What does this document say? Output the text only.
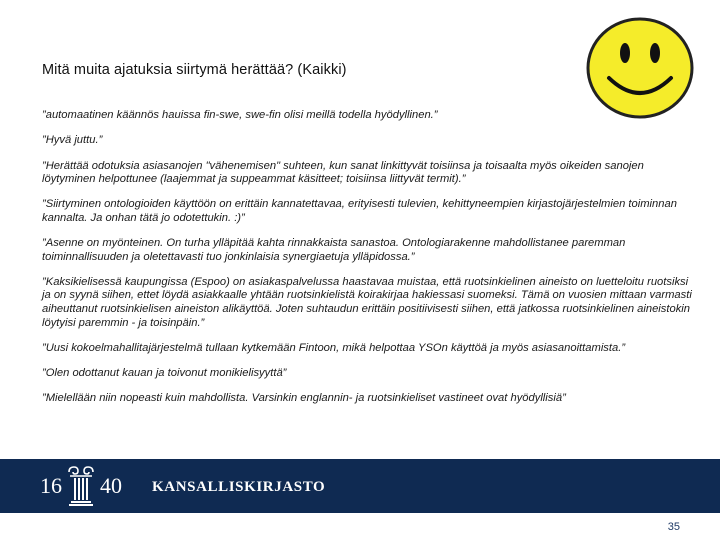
Mitä muita ajatuksia siirtymä herättää? (Kaikki)

”automaatinen käännös hauissa fin-swe, swe-fin olisi meillä todella hyödyllinen.”

”Hyvä juttu.”

”Herättää odotuksia asiasanojen "vähenemisen" suhteen, kun sanat linkittyvät toisiinsa ja toisaalta myös oikeiden sanojen löytyminen helpottunee (laajemmat ja suppeammat käsitteet; toisiinsa liittyvät termit).”

”Siirtyminen ontologioiden käyttöön on erittäin kannatettavaa, erityisesti tulevien, kehittyneempien kirjastojärjestelmien toiminnan kannalta. Ja onhan tätä jo odotettukin. :)”

”Asenne on myönteinen. On turha ylläpitää kahta rinnakkaista sanastoa. Ontologiarakenne mahdollistanee paremman toiminnallisuuden ja oletettavasti tuo jonkinlaisia synergiaetuja ylläpidossa.”

”Kaksikielisessä kaupungissa (Espoo) on asiakaspalvelussa haastavaa muistaa, että ruotsinkielinen aineisto on luetteloitu ruotsiksi ja on syynä siihen, ettet löydä asiakkaalle yhtään ruotsinkielistä koirakirjaa hakiessasi suomeksi. Tämä on vuosien mittaan varmasti aiheuttanut ruotsinkielisen aineiston alikäyttöä. Joten suhtaudun erittäin positiivisesti siihen, että jatkossa ruotsinkielinen aineistokin löytyisi paremmin - ja toisinpäin.”

”Uusi kokoelmahallitajärjestelmä tullaan kytkemään Fintoon, mikä helpottaa YSOn käyttöä ja myös asiasanoittamista.”

”Olen odottanut kauan ja toivonut monikielisyyttä”

”Mielellään niin nopeasti kuin mahdollista. Varsinkin englannin- ja ruotsinkieliset vastineet ovat hyödyllisiä”

16 40 KANSALLISKIRJASTO
35
